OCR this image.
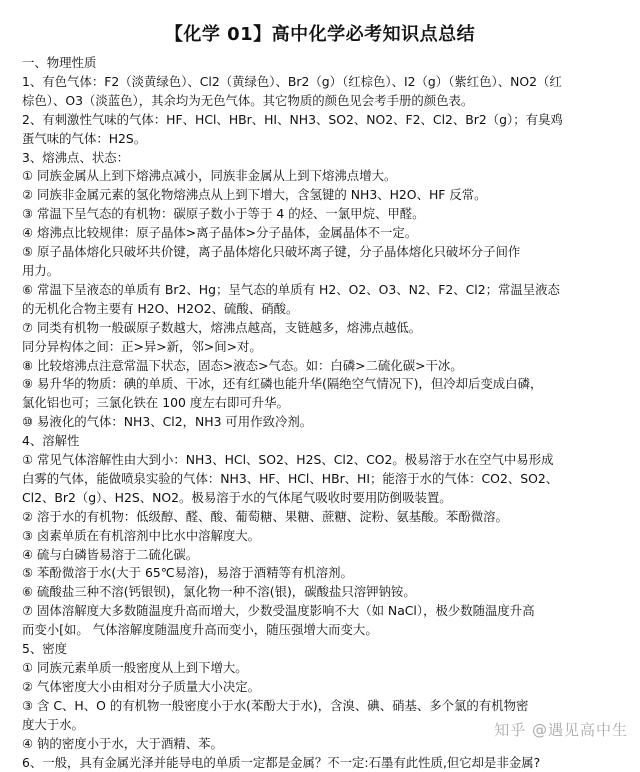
【化学 01】高中化学必考知识点总结

一、物理性质

1、有色气体：F2（淡黄绿色）、Cl2（黄绿色）、Br2（g）（红棕色）、I2（g）（紫红色）、NO2（红

棕色）、O3（淡蓝色），其余均为无色气体。其它物质的颜色见会考手册的颜色表。

2、有刺激性气味的气体：HF、HCl、HBr、HI、NH3、SO2、NO2、F2、Cl2、Br2（g）；有臭鸡

蛋气味的气体：H2S。

3、熔沸点、状态：

① 同族金属从上到下熔沸点减小，同族非金属从上到下熔沸点增大。

② 同族非金属元素的氢化物熔沸点从上到下增大，含氢键的 NH3、H2O、HF 反常。

③ 常温下呈气态的有机物：碳原子数小于等于 4 的烃、一氯甲烷、甲醛。

④ 熔沸点比较规律：原子晶体>离子晶体>分子晶体，金属晶体不一定。

⑤ 原子晶体熔化只破坏共价键，离子晶体熔化只破坏离子键，分子晶体熔化只破坏分子间作

用力。

⑥ 常温下呈液态的单质有 Br2、Hg；呈气态的单质有 H2、O2、O3、N2、F2、Cl2；常温呈液态

的无机化合物主要有 H2O、H2O2、硫酸、硝酸。

⑦ 同类有机物一般碳原子数越大，熔沸点越高，支链越多，熔沸点越低。

同分异构体之间：正>异>新，邻>间>对。

⑧ 比较熔沸点注意常温下状态，固态>液态>气态。如：白磷>二硫化碳>干冰。

⑨ 易升华的物质：碘的单质、干冰，还有红磷也能升华(隔绝空气情况下)，但冷却后变成白磷，

氯化铝也可；三氯化铁在 100 度左右即可升华。

⑩ 易液化的气体：NH3、Cl2，NH3 可用作致冷剂。

4、溶解性

① 常见气体溶解性由大到小：NH3、HCl、SO2、H2S、Cl2、CO2。极易溶于水在空气中易形成

白雾的气体，能做喷泉实验的气体：NH3、HF、HCl、HBr、HI；能溶于水的气体：CO2、SO2、

Cl2、Br2（g）、H2S、NO2。极易溶于水的气体尾气吸收时要用防倒吸装置。

② 溶于水的有机物：低级醇、醛、酸、葡萄糖、果糖、蔗糖、淀粉、氨基酸。苯酚微溶。

③ 卤素单质在有机溶剂中比水中溶解度大。

④ 硫与白磷皆易溶于二硫化碳。

⑤ 苯酚微溶于水(大于 65℃易溶)，易溶于酒精等有机溶剂。

⑥ 硫酸盐三种不溶(钙银钡)，氯化物一种不溶(银)，碳酸盐只溶钾钠铵。

⑦ 固体溶解度大多数随温度升高而增大，少数受温度影响不大（如 NaCl），极少数随温度升高

而变小[如。 气体溶解度随温度升高而变小，随压强增大而变大。

5、密度

① 同族元素单质一般密度从上到下增大。

② 气体密度大小由相对分子质量大小决定。

③ 含 C、H、O 的有机物一般密度小于水(苯酚大于水)，含溴、碘、硝基、多个氯的有机物密

度大于水。

④ 钠的密度小于水，大于酒精、苯。

6、一般，具有金属光泽并能导电的单质一定都是金属？不一定:石墨有此性质,但它却是非金属?

知乎 @遇见高中生
